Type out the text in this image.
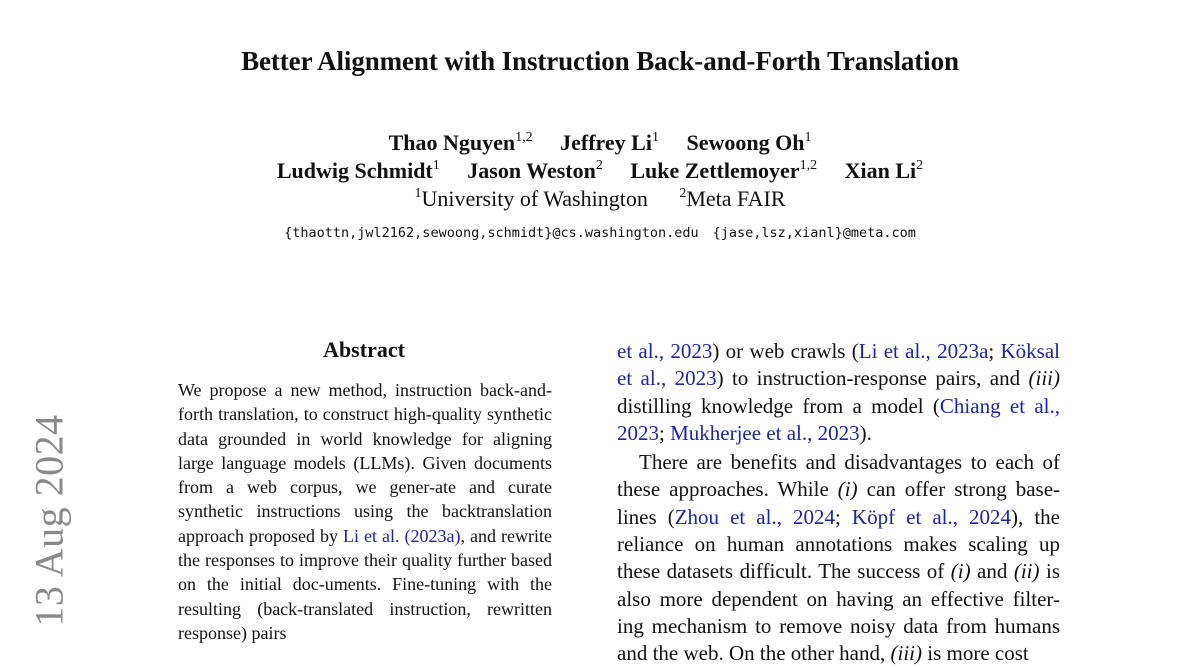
Better Alignment with Instruction Back-and-Forth Translation
Thao Nguyen$^{1,2}$ Jeffrey Li$^1$ Sewoong Oh$^1$
Ludwig Schmidt$^1$ Jason Weston$^2$ Luke Zettlemoyer$^{1,2}$ Xian Li$^2$
$^1$University of Washington $^2$Meta FAIR
{thaottn,jwl2162,sewoong,schmidt}@cs.washington.edu {jase,lsz,xianl}@meta.com
13 Aug 2024
Abstract
We propose a new method, instruction back-and-forth translation, to construct high-quality synthetic data grounded in world knowledge for aligning large language models (LLMs). Given documents from a web corpus, we gener-ate and curate synthetic instructions using the backtranslation approach proposed by Li et al. (2023a), and rewrite the responses to improve their quality further based on the initial doc-uments. Fine-tuning with the resulting (back-translated instruction, rewritten response) pairs

et al., 2023) or web crawls (Li et al., 2023a; Köksal et al., 2023) to instruction-response pairs, and (iii) distilling knowledge from a model (Chiang et al., 2023; Mukherjee et al., 2023).

There are benefits and disadvantages to each of these approaches. While (i) can offer strong base-lines (Zhou et al., 2024; Köpf et al., 2024), the reliance on human annotations makes scaling up these datasets difficult. The success of (i) and (ii) is also more dependent on having an effective filter-ing mechanism to remove noisy data from humans and the web. On the other hand, (iii) is more cost
